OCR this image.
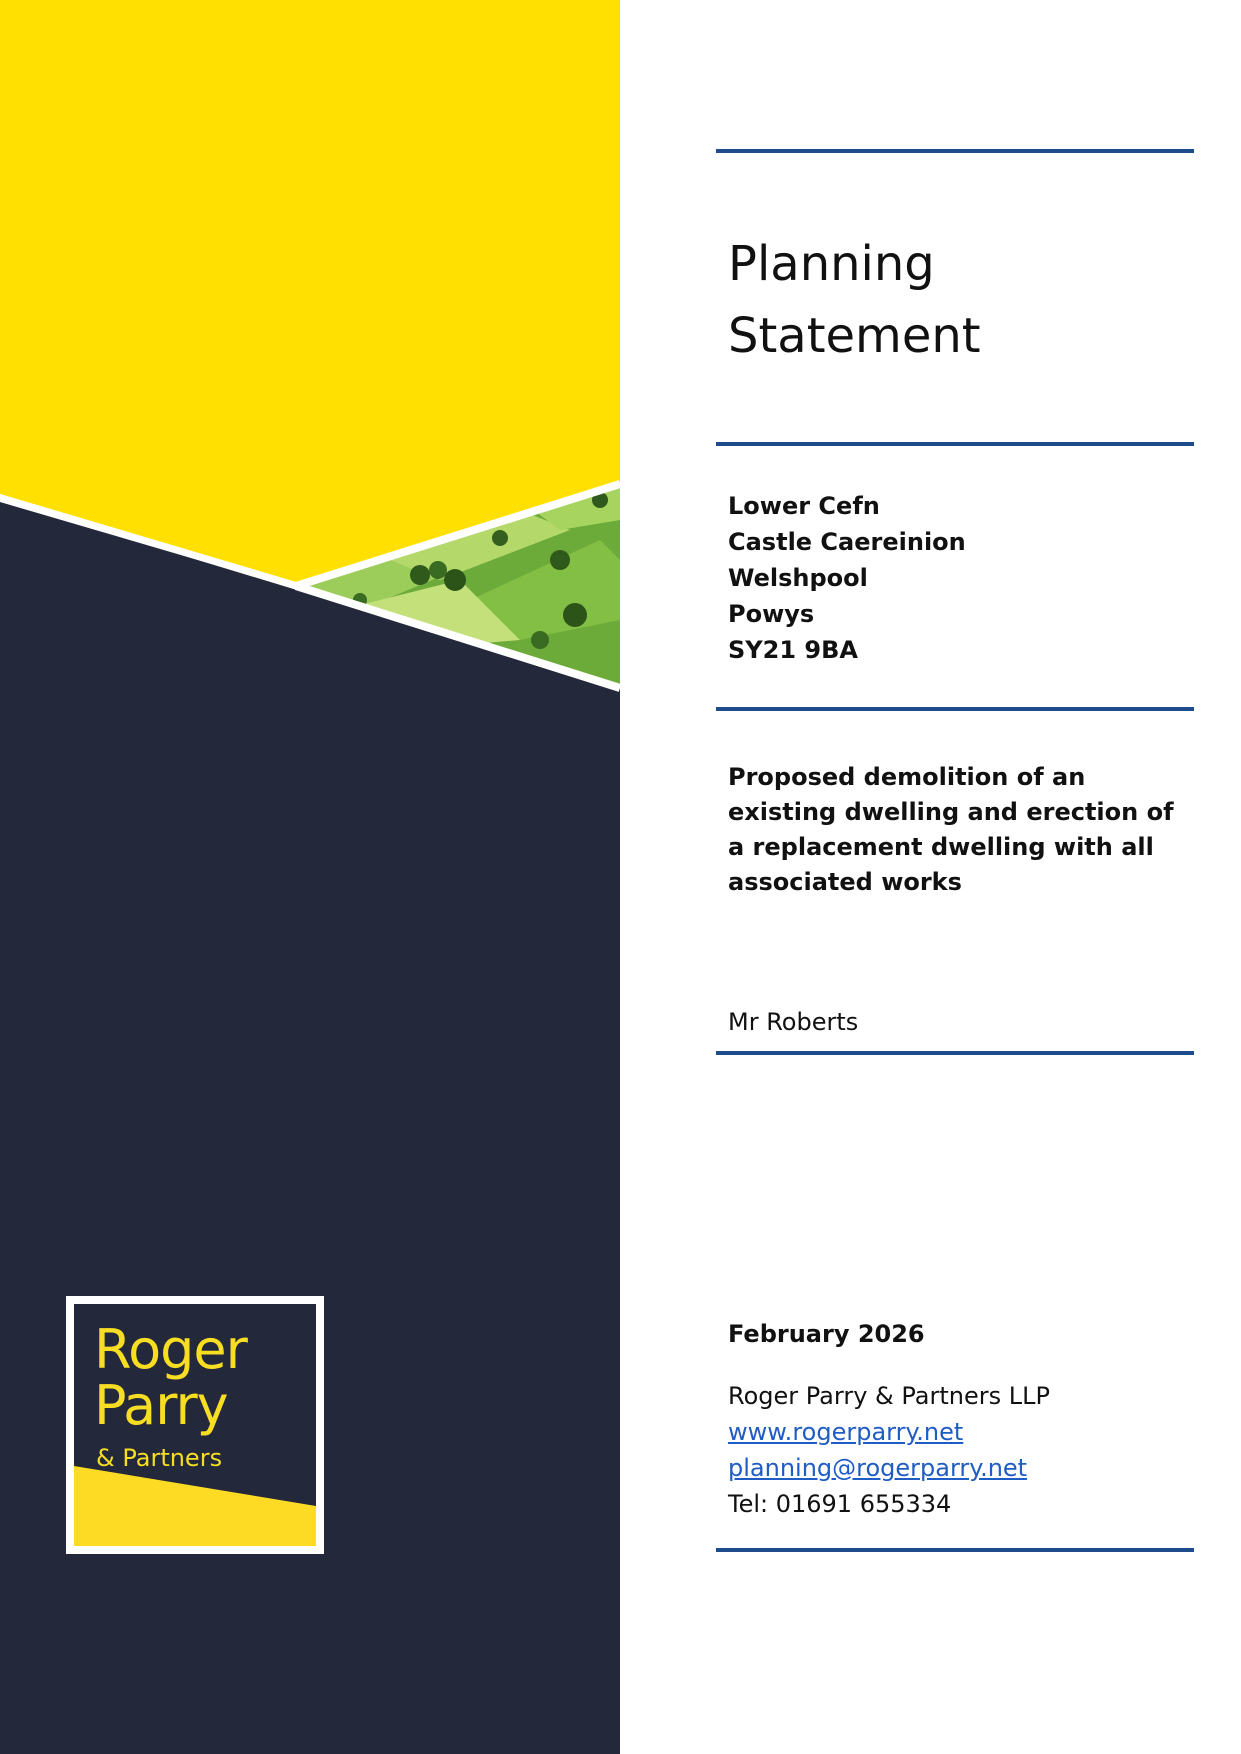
Roger
Parry
& Partners
Planning
Statement
Lower Cefn
Castle Caereinion
Welshpool
Powys
SY21 9BA

Proposed demolition of an existing dwelling and erection of a replacement dwelling with all associated works

Mr Roberts
February 2026
Roger Parry & Partners LLP
www.rogerparry.net
planning@rogerparry.net
Tel: 01691 655334
